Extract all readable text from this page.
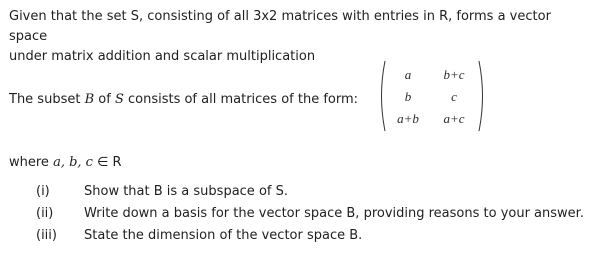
Given that the set S, consisting of all 3x2 matrices with entries in R, forms a vector space
under matrix addition and scalar multiplication
The subset B of S consists of all matrices of the form:
a	b+c
b	c
a+b	a+c
where a, b, c ∈ R
(i)	Show that B is a subspace of S.
(ii) Write down a basis for the vector space B, providing reasons to your answer.
(iii) State the dimension of the vector space B.
